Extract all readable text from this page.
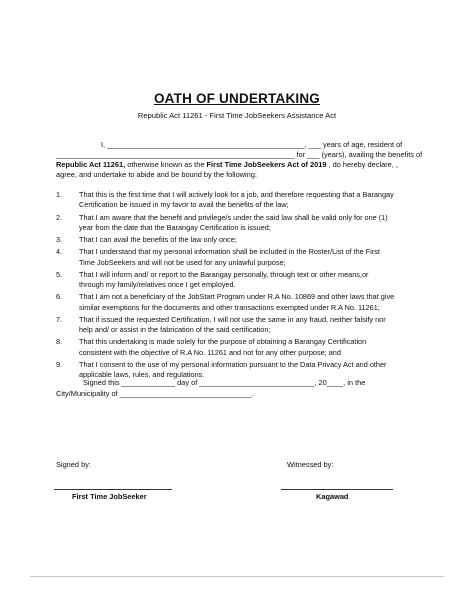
OATH OF UNDERTAKING
Republic Act 11261 - First Time JobSeekers Assistance Act
I, ________________________________________________, ___ years of age, resident of
__________________________________________________________ for ___ (years), availing the benefits of
Republic Act 11261, otherwise known as the First Time JobSeekers Act of 2019 , do hereby declare, ,
agree, and undertake to abide and be bound by the following:
1.	That this is the first time that I will actively look for a job, and therefore requesting that a Barangay
Certification be issued in my favor to avail the benefits of the law;
2.	That I am aware that the benefit and privilege/s under the said law shall be valid only for one (1)
year from the date that the Barangay Certification is issued;
3.	That I can avail the benefits of the law only once;
4.	That I understand that my personal information shall be included in the Roster/List of the First
Time JobSeekers and will not be used for any unlawful purpose;
5.	That I will inform and/ or report to the Barangay personally, through text or other means,or
through my family/relatives once I get employed.
6.	That I am not a beneficiary of the JobStart Program under R.A No. 10869 and other laws that give
similar exemptions for the documents and other transactions exempted under R.A No. 11261;
7.	That if issued the requested Certification, I will not use the same in any fraud, neither falsify nor
help and/ or assist in the fabrication of the said certification;
8.	That this undertaking is made solely for the purpose of obtaining a Barangay Certification
consistent with the objective of R.A No. 11261 and not for any other purpose; and
9.	That I consent to the use of my personal information pursuant to the Data Privacy Act and other
applicable laws, rules, and regulations.
Signed this _____________ day of ____________________________, 20____, in the
City/Municipality of ________________________________.
Signed by:	Witnessed by:
First Time JobSeeker	Kagawad
